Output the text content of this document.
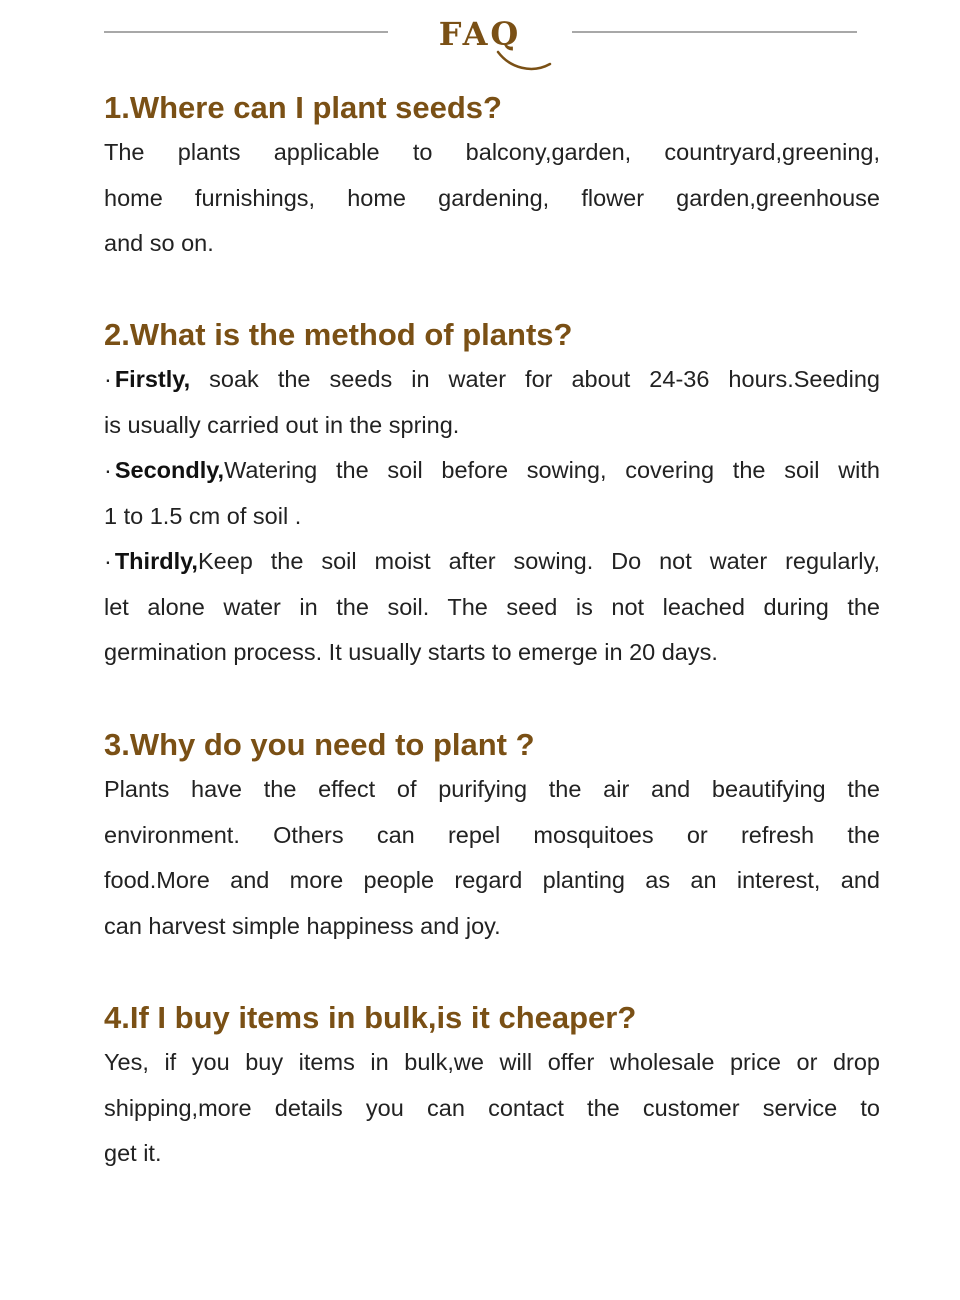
FAQ
1.Where can I plant seeds?

The plants applicable to balcony,garden, countryard,greening,

home furnishings, home gardening, flower garden,greenhouse

and so on.

2.What is the method of plants?

· Firstly, soak the seeds in water for about 24-36 hours.Seeding

is usually carried out in the spring.

· Secondly,Watering the soil before sowing, covering the soil with

1 to 1.5 cm of soil .

· Thirdly,Keep the soil moist after sowing. Do not water regularly,

let alone water in the soil. The seed is not leached during the

germination process. It usually starts to emerge in 20 days.

3.Why do you need to plant ?

Plants have the effect of purifying the air and beautifying the

environment. Others can repel mosquitoes or refresh the

food.More and more people regard planting as an interest, and

can harvest simple happiness and joy.

4.If I buy items in bulk,is it cheaper?

Yes, if you buy items in bulk,we will offer wholesale price or drop

shipping,more details you can contact the customer service to

get it.
